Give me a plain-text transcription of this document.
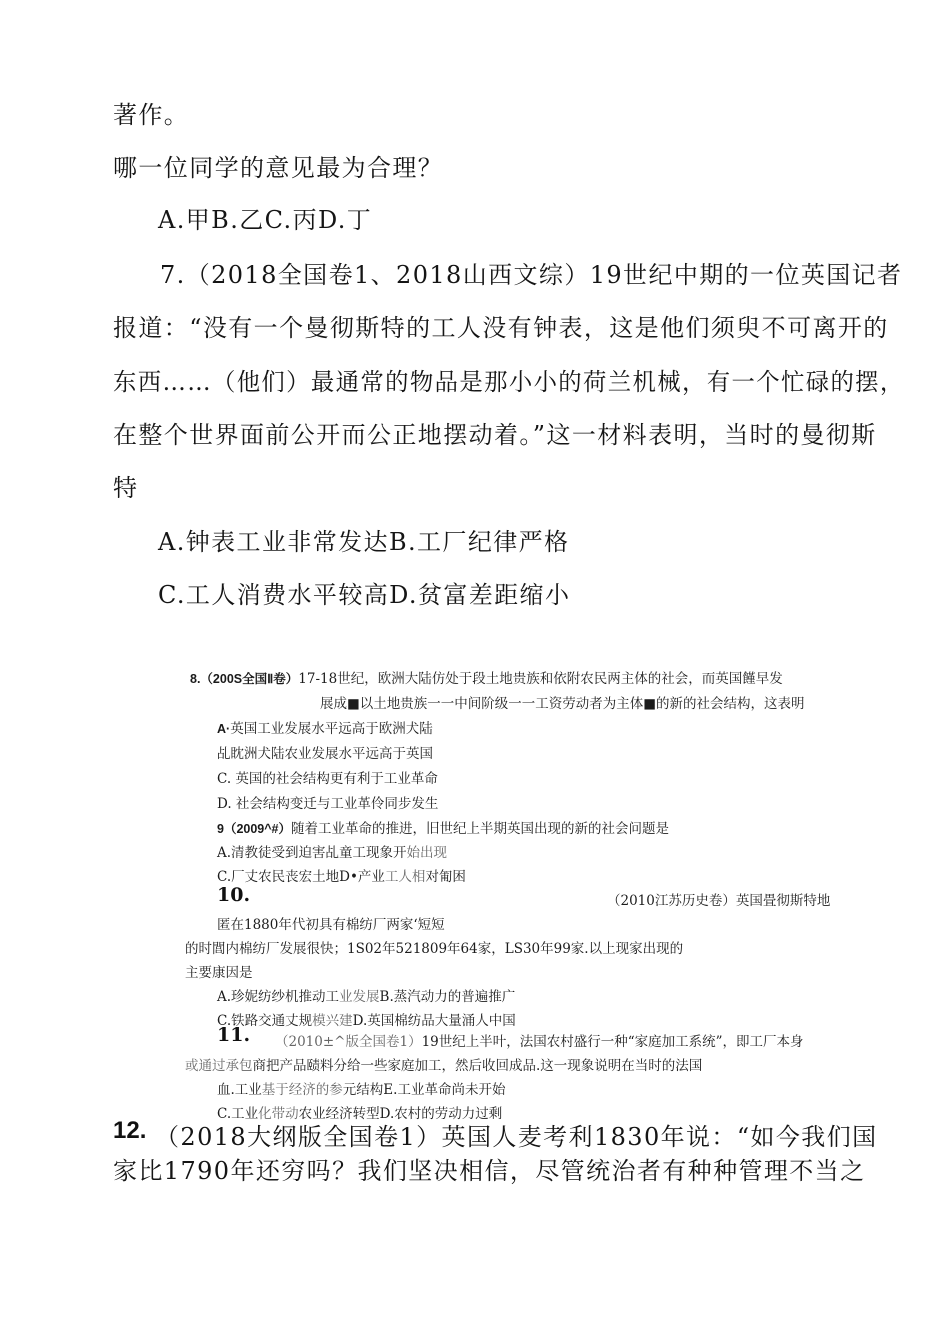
著作。
哪一位同学的意见最为合理？
A.甲B.乙C.丙D.丁
7.（2018全国卷1、2018山西文综）19世纪中期的一位英国记者
报道：“没有一个曼彻斯特的工人没有钟表，这是他们须臾不可离开的
东西……（他们）最通常的物品是那小小的荷兰机械，有一个忙碌的摆，
在整个世界面前公开而公正地摆动着。”这一材料表明，当时的曼彻斯
特
A.钟表工业非常发达B.工厂纪律严格
C.工人消费水平较高D.贫富差距缩小
8.（200S全国Ⅱ卷）17-18世纪，欧洲大陆仿处于段土地贵族和依附农民两主体的社会，而英国饉早发
展成■以土地贵族一一中间阶级一一工资劳动者为主体■的新的社会结构，这表明
A·英国工业发展水平远高于欧洲犬陆
乩眈洲犬陆农业发展水平远高于英国
C. 英国的社会结构更有利于工业革命
D. 社会结构变迁与工业革伶同步发生
9（2009^#）随着工业革命的推进，旧世纪上半期英国出现的新的社会问题是
A.清教徒受到迫害乩童工现象开始出现
C.厂丈农民丧宏土地D•产业工人相对匍困
10.	（2010江苏历史卷）英国畳彻斯特地
匿在1880年代初具有棉纺厂两家‘短短
的时閭内棉纺厂发展很快；1S02年521809年64家，LS30年99家.以上现家出现的
主要康因是
A.珍妮纺纱机推动工业发展B.蒸汽动力的普遍推广
C.铁路交通丈规模兴建D.英国棉纺品大量涌人中国
11. （2010±^版全国卷1）19世纪上半叶，法国农村盛行一种“家庭加工系统”，即工厂本身
或通过承包商把产品赜料分给一些家庭加工，然后收回成品.这一现象说明在当时的法国
血.工业基于经济的参元结构E.工业革命尚未开始
C.工业化带动农业经济转型D.农村的劳动力过剩
12. （2018大纲版全国卷1）英国人麦考利1830年说：“如今我们国
家比1790年还穷吗？我们坚决相信，尽管统治者有种种管理不当之
